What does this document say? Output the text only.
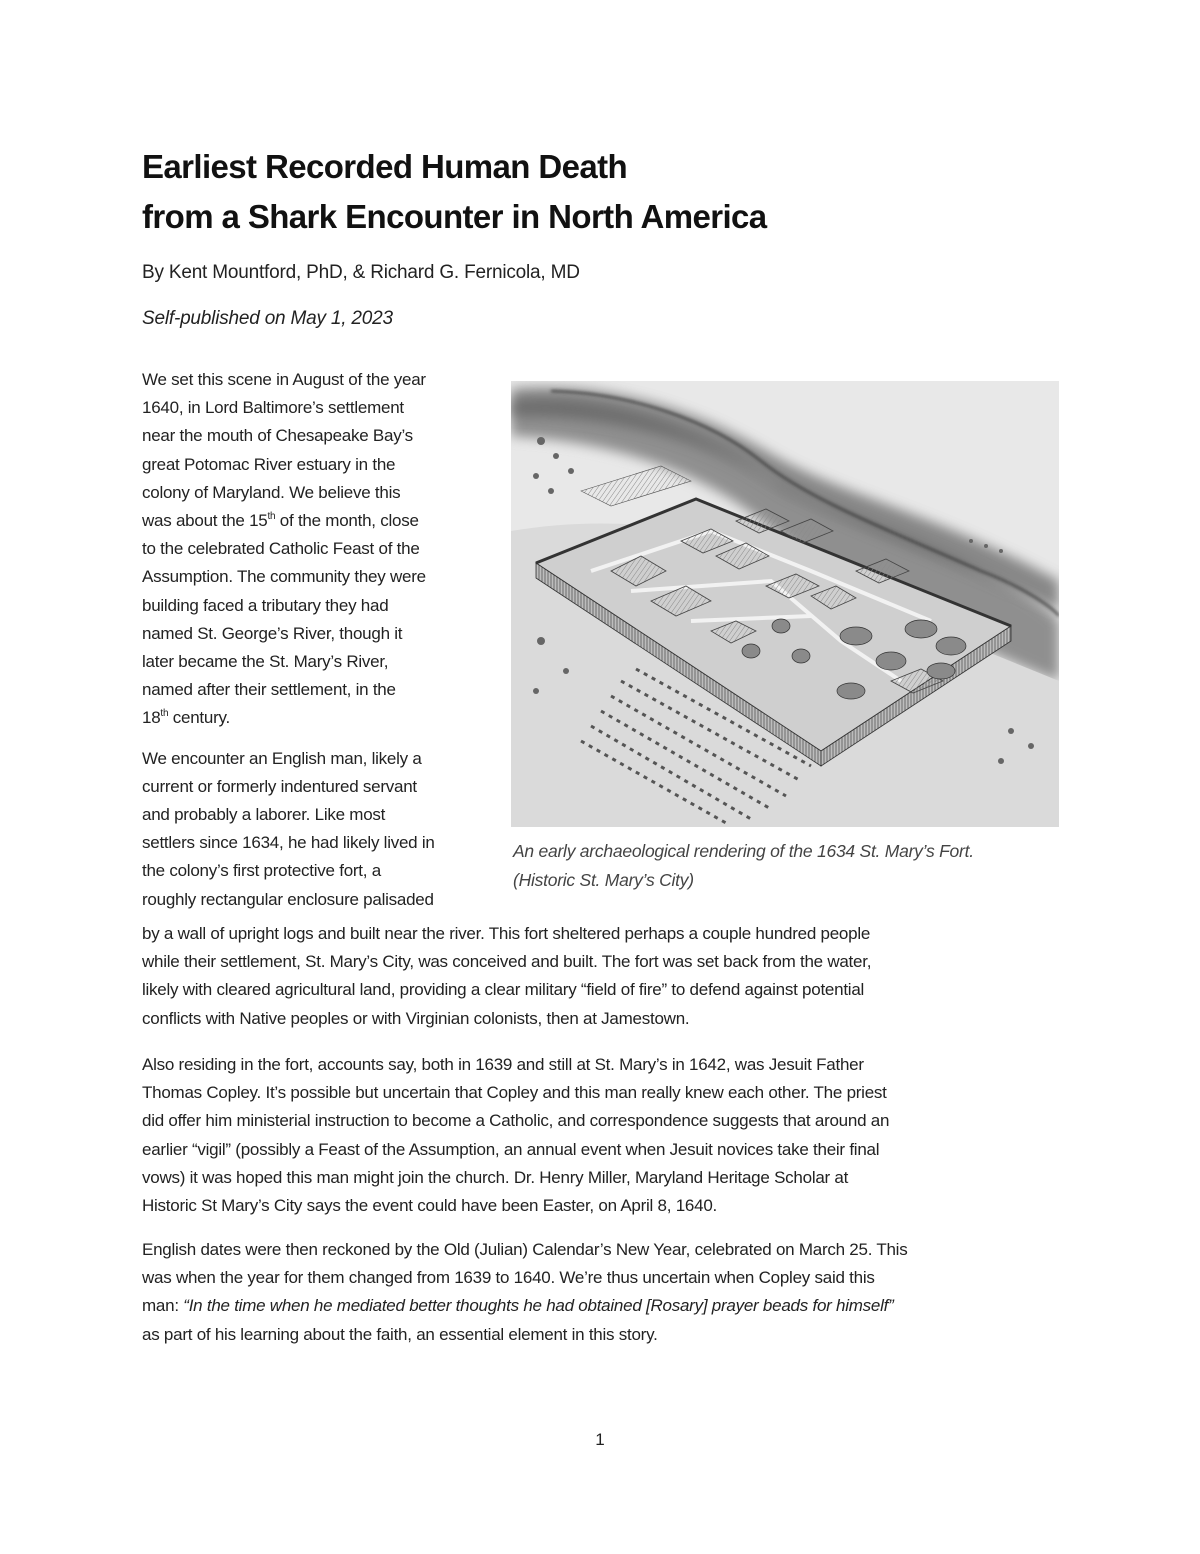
Earliest Recorded Human Death
from a Shark Encounter in North America
By Kent Mountford, PhD, & Richard G. Fernicola, MD
Self-published on May 1, 2023

We set this scene in August of the year
1640, in Lord Baltimore’s settlement
near the mouth of Chesapeake Bay’s
great Potomac River estuary in the
colony of Maryland. We believe this
was about the 15th of the month, close
to the celebrated Catholic Feast of the
Assumption. The community they were
building faced a tributary they had
named St. George’s River, though it
later became the St. Mary’s River,
named after their settlement, in the
18th century.

We encounter an English man, likely a
current or formerly indentured servant
and probably a laborer. Like most
settlers since 1634, he had likely lived in
the colony’s first protective fort, a
roughly rectangular enclosure palisaded

An early archaeological rendering of the 1634 St. Mary’s Fort.
(Historic St. Mary’s City)

by a wall of upright logs and built near the river. This fort sheltered perhaps a couple hundred people
while their settlement, St. Mary’s City, was conceived and built. The fort was set back from the water,
likely with cleared agricultural land, providing a clear military “field of fire” to defend against potential
conflicts with Native peoples or with Virginian colonists, then at Jamestown.

Also residing in the fort, accounts say, both in 1639 and still at St. Mary’s in 1642, was Jesuit Father
Thomas Copley. It’s possible but uncertain that Copley and this man really knew each other. The priest
did offer him ministerial instruction to become a Catholic, and correspondence suggests that around an
earlier “vigil” (possibly a Feast of the Assumption, an annual event when Jesuit novices take their final
vows) it was hoped this man might join the church. Dr. Henry Miller, Maryland Heritage Scholar at
Historic St Mary’s City says the event could have been Easter, on April 8, 1640.

English dates were then reckoned by the Old (Julian) Calendar’s New Year, celebrated on March 25. This
was when the year for them changed from 1639 to 1640. We’re thus uncertain when Copley said this
man: “In the time when he mediated better thoughts he had obtained [Rosary] prayer beads for himself”
as part of his learning about the faith, an essential element in this story.

1
